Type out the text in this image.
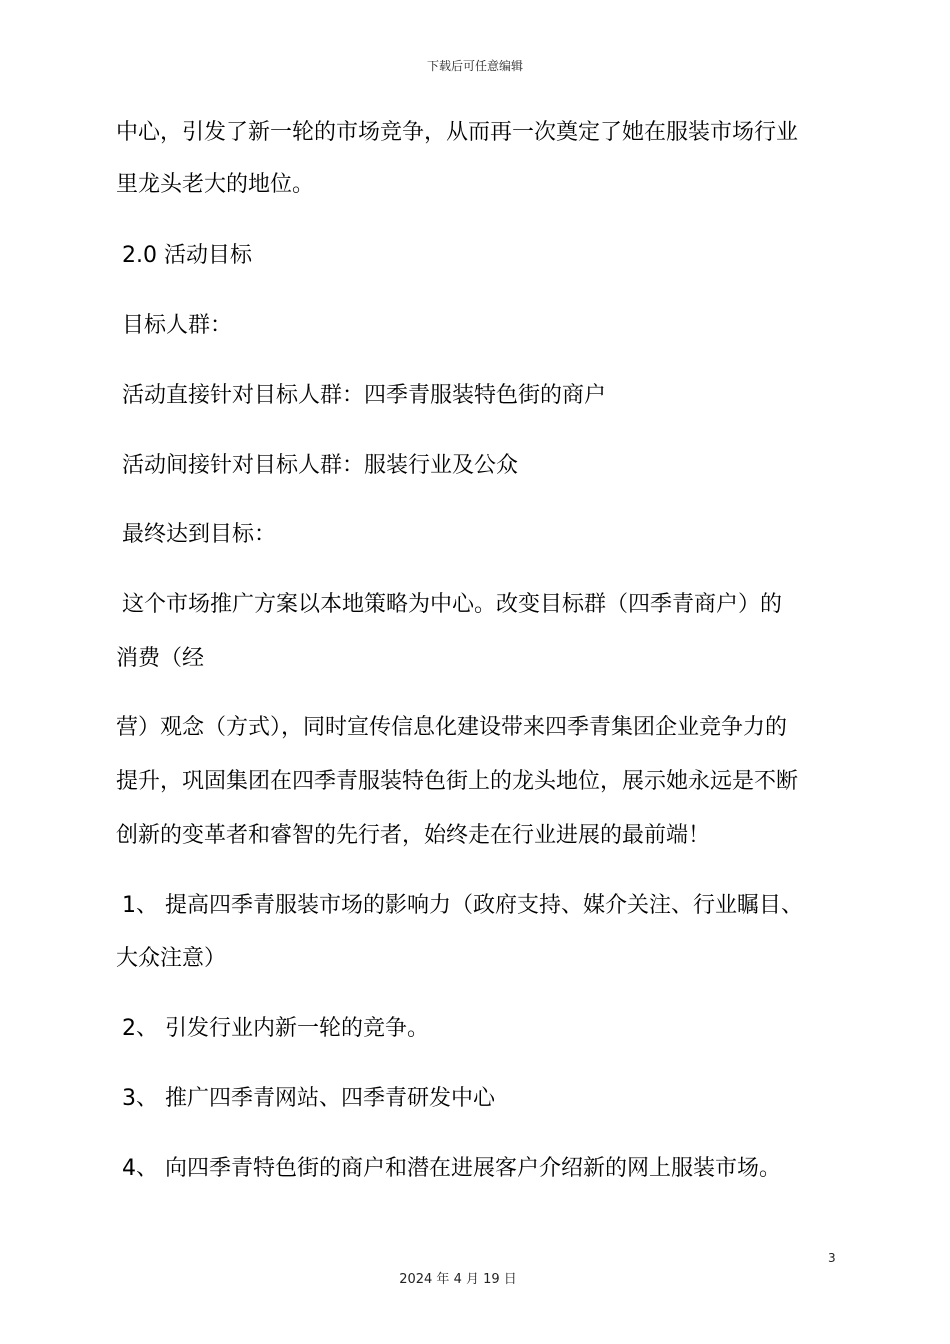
下载后可任意编辑
中心，引发了新一轮的市场竞争，从而再一次奠定了她在服装市场行业
里龙头老大的地位。
2.0 活动目标
目标人群：
活动直接针对目标人群：四季青服装特色街的商户
活动间接针对目标人群：服装行业及公众
最终达到目标：
这个市场推广方案以本地策略为中心。改变目标群（四季青商户）的
消费（经
营）观念（方式），同时宣传信息化建设带来四季青集团企业竞争力的
提升，巩固集团在四季青服装特色街上的龙头地位，展示她永远是不断
创新的变革者和睿智的先行者，始终走在行业进展的最前端！
1、 提高四季青服装市场的影响力（政府支持、媒介关注、行业瞩目、
大众注意）
2、 引发行业内新一轮的竞争。
3、 推广四季青网站、四季青研发中心
4、 向四季青特色街的商户和潜在进展客户介绍新的网上服装市场。
3
2024 年 4 月 19 日
